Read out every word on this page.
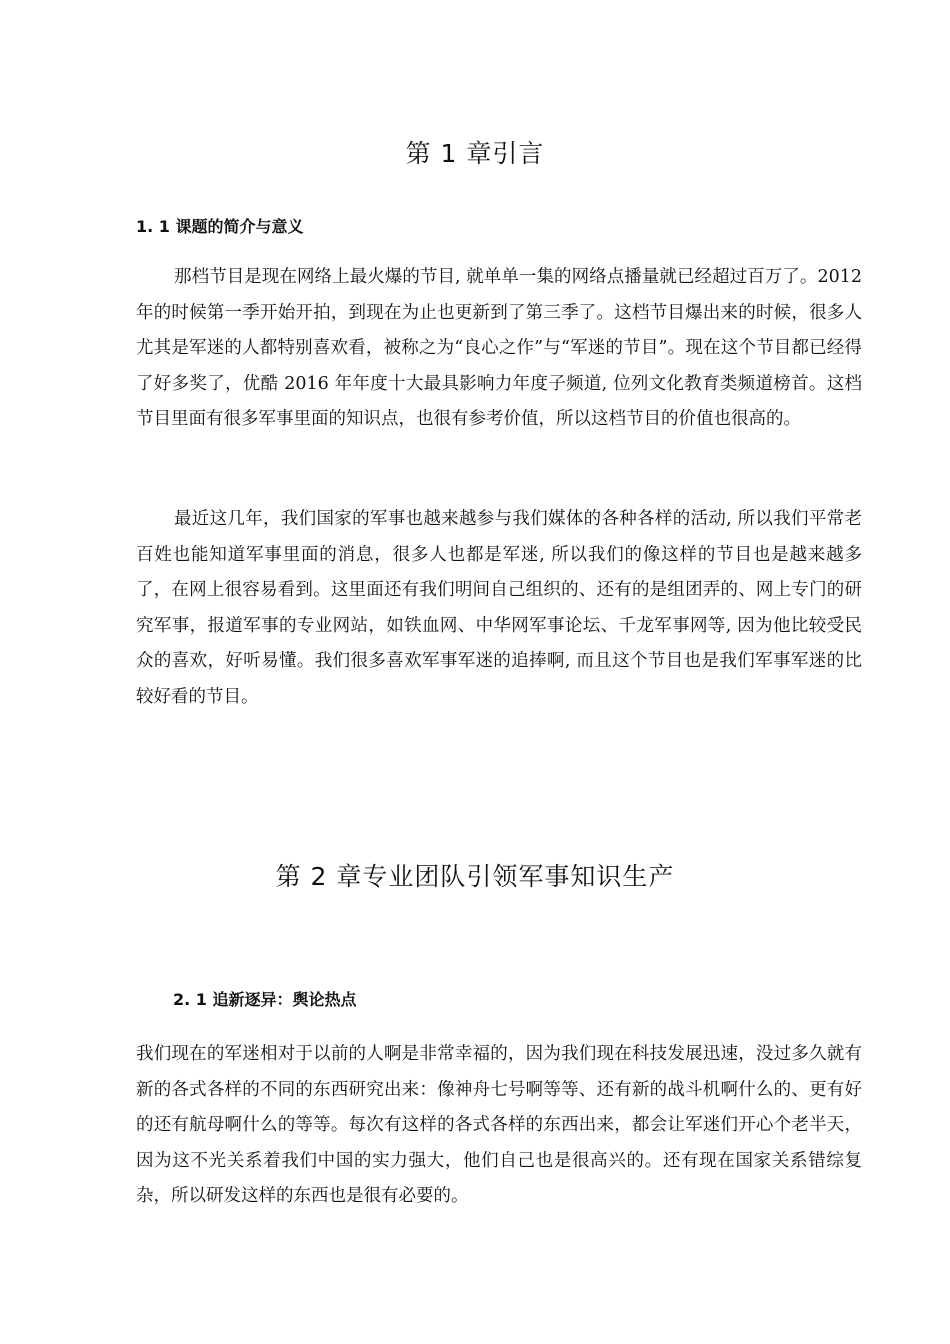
第 1 章引言
1. 1 课题的简介与意义

那档节目是现在网络上最火爆的节目, 就单单一集的网络点播量就已经超过百万了。2012 年的时候第一季开始开拍，到现在为止也更新到了第三季了。这档节目爆出来的时候，很多人尤其是军迷的人都特别喜欢看，被称之为“良心之作”与“军迷的节目”。现在这个节目都已经得了好多奖了，优酷 2016 年年度十大最具影响力年度子频道, 位列文化教育类频道榜首。这档节目里面有很多军事里面的知识点，也很有参考价值，所以这档节目的价值也很高的。

最近这几年，我们国家的军事也越来越参与我们媒体的各种各样的活动, 所以我们平常老百姓也能知道军事里面的消息，很多人也都是军迷, 所以我们的像这样的节目也是越来越多了，在网上很容易看到。这里面还有我们明间自己组织的、还有的是组团弄的、网上专门的研究军事，报道军事的专业网站，如铁血网、中华网军事论坛、千龙军事网等, 因为他比较受民众的喜欢，好听易懂。我们很多喜欢军事军迷的追捧啊, 而且这个节目也是我们军事军迷的比较好看的节目。

第 2 章专业团队引领军事知识生产
2. 1 追新逐异：舆论热点

我们现在的军迷相对于以前的人啊是非常幸福的，因为我们现在科技发展迅速，没过多久就有新的各式各样的不同的东西研究出来：像神舟七号啊等等、还有新的战斗机啊什么的、更有好的还有航母啊什么的等等。每次有这样的各式各样的东西出来，都会让军迷们开心个老半天，因为这不光关系着我们中国的实力强大，他们自己也是很高兴的。还有现在国家关系错综复杂，所以研发这样的东西也是很有必要的。
